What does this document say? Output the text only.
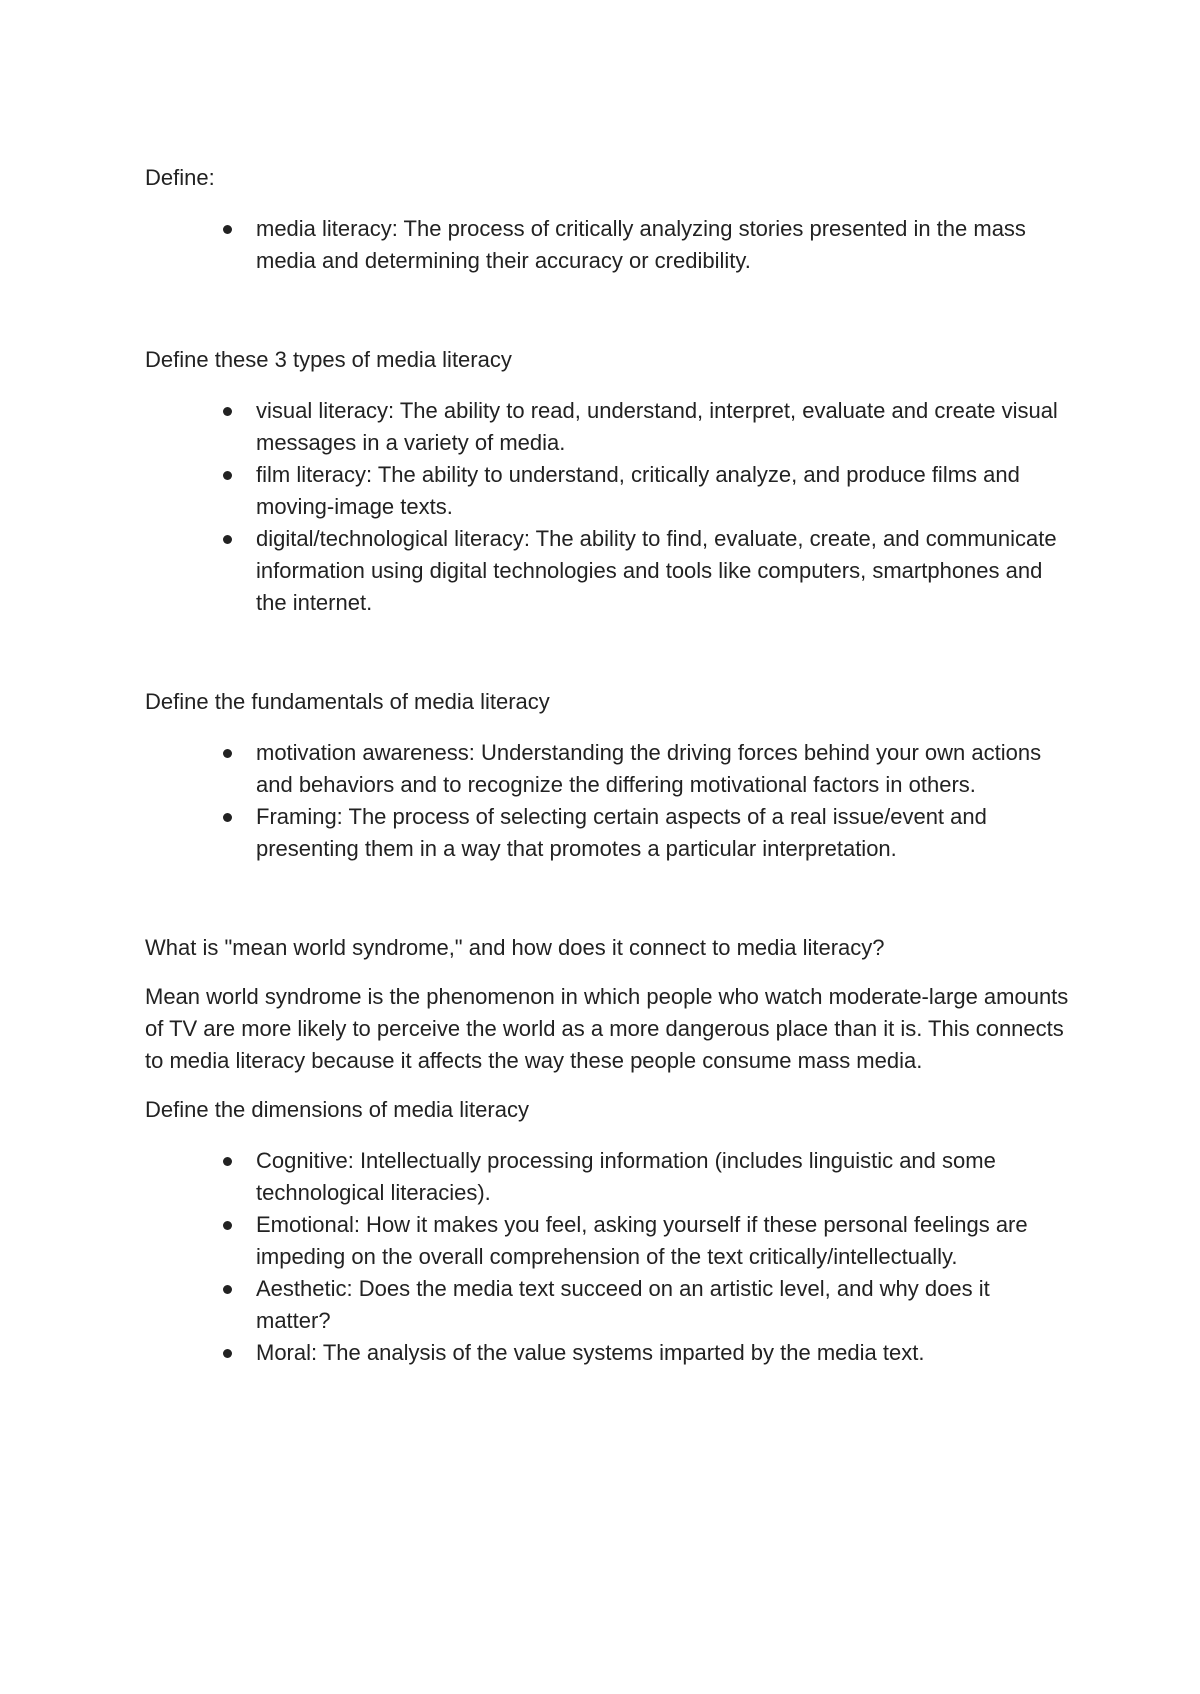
Define:

media literacy: The process of critically analyzing stories presented in the mass media and determining their accuracy or credibility.

Define these 3 types of media literacy

visual literacy: The ability to read, understand, interpret, evaluate and create visual messages in a variety of media.
film literacy: The ability to understand, critically analyze, and produce films and moving-image texts.
digital/technological literacy: The ability to find, evaluate, create, and communicate information using digital technologies and tools like computers, smartphones and the internet.

Define the fundamentals of media literacy

motivation awareness: Understanding the driving forces behind your own actions and behaviors and to recognize the differing motivational factors in others.
Framing: The process of selecting certain aspects of a real issue/event and presenting them in a way that promotes a particular interpretation.

What is "mean world syndrome," and how does it connect to media literacy?

Mean world syndrome is the phenomenon in which people who watch moderate-large amounts of TV are more likely to perceive the world as a more dangerous place than it is. This connects to media literacy because it affects the way these people consume mass media.

Define the dimensions of media literacy

Cognitive: Intellectually processing information (includes linguistic and some technological literacies).
Emotional: How it makes you feel, asking yourself if these personal feelings are impeding on the overall comprehension of the text critically/intellectually.
Aesthetic: Does the media text succeed on an artistic level, and why does it matter?
Moral: The analysis of the value systems imparted by the media text.
